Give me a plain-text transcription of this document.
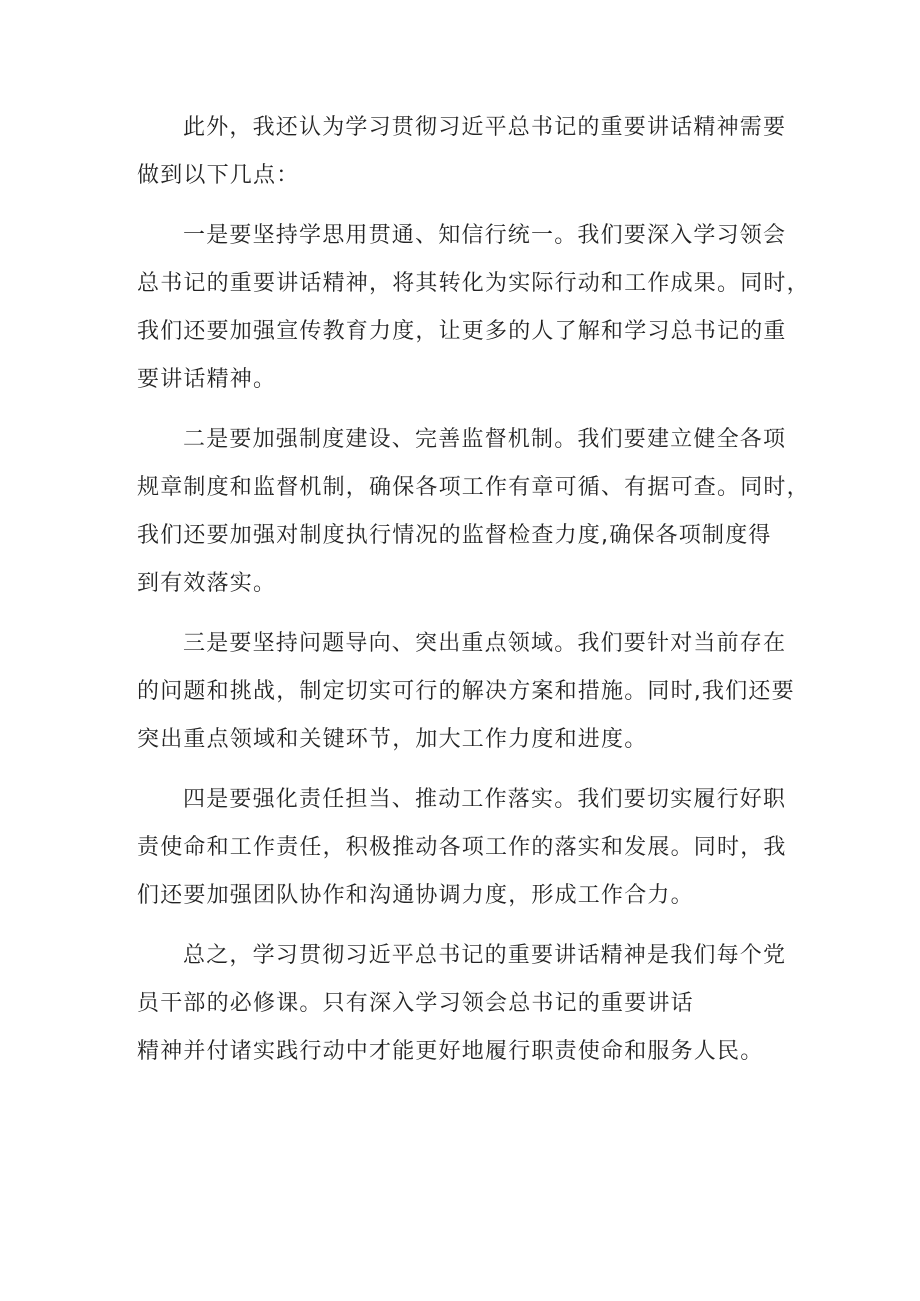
此外，我还认为学习贯彻习近平总书记的重要讲话精神需要
做到以下几点：
一是要坚持学思用贯通、知信行统一。我们要深入学习领会
总书记的重要讲话精神，将其转化为实际行动和工作成果。同时，
我们还要加强宣传教育力度，让更多的人了解和学习总书记的重
要讲话精神。
二是要加强制度建设、完善监督机制。我们要建立健全各项
规章制度和监督机制，确保各项工作有章可循、有据可查。同时，
我们还要加强对制度执行情况的监督检查力度,确保各项制度得
到有效落实。
三是要坚持问题导向、突出重点领域。我们要针对当前存在
的问题和挑战，制定切实可行的解决方案和措施。同时,我们还要
突出重点领域和关键环节，加大工作力度和进度。
四是要强化责任担当、推动工作落实。我们要切实履行好职
责使命和工作责任，积极推动各项工作的落实和发展。同时，我
们还要加强团队协作和沟通协调力度，形成工作合力。
总之，学习贯彻习近平总书记的重要讲话精神是我们每个党
员干部的必修课。只有深入学习领会总书记的重要讲话
精神并付诸实践行动中才能更好地履行职责使命和服务人民。
